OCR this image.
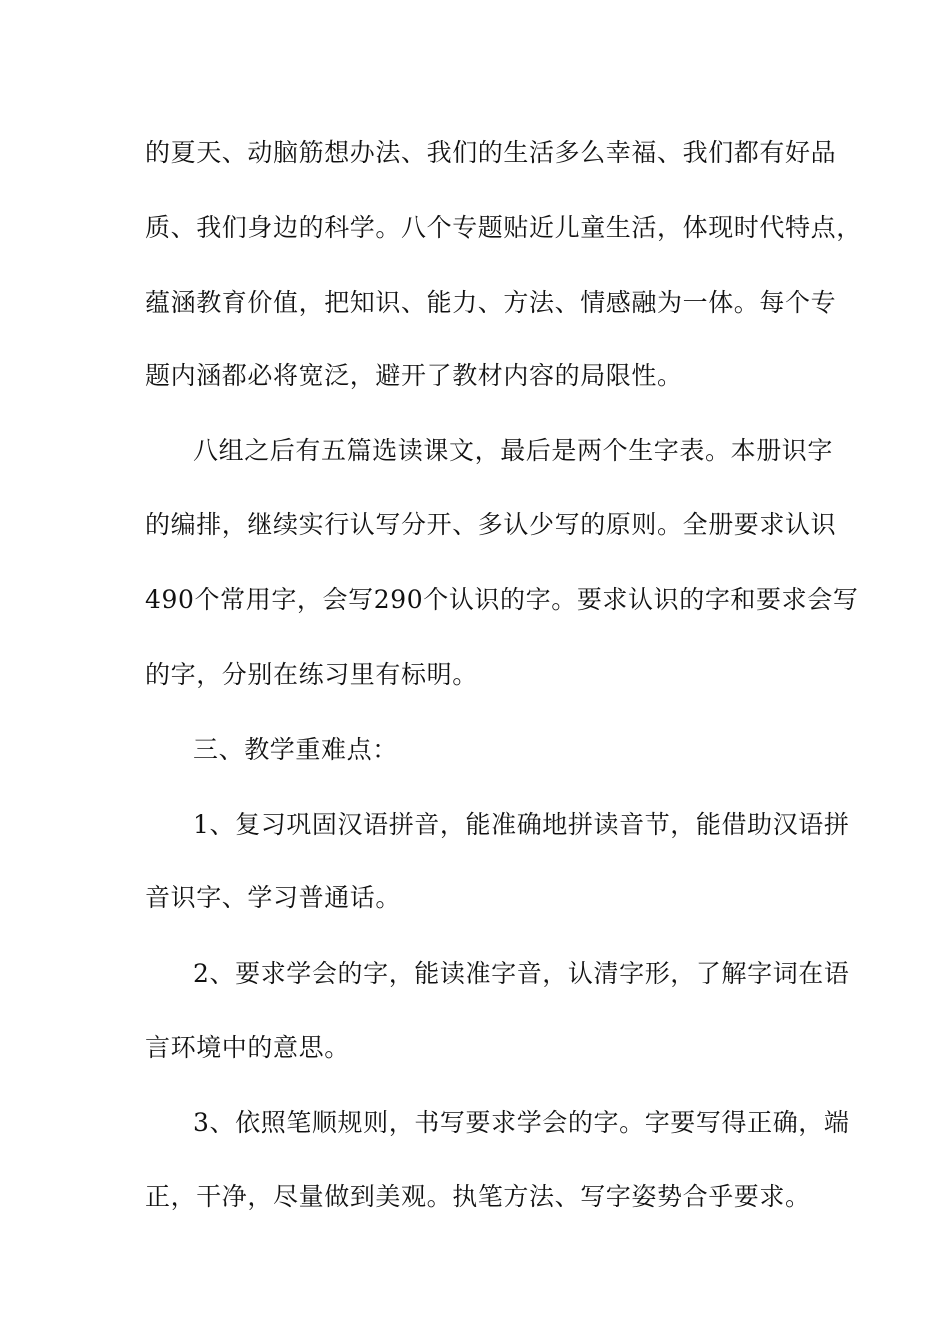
的夏天、动脑筋想办法、我们的生活多么幸福、我们都有好品
质、我们身边的科学。八个专题贴近儿童生活，体现时代特点，
蕴涵教育价值，把知识、能力、方法、情感融为一体。每个专
题内涵都必将宽泛，避开了教材内容的局限性。
八组之后有五篇选读课文，最后是两个生字表。本册识字
的编排，继续实行认写分开、多认少写的原则。全册要求认识
490个常用字，会写290个认识的字。要求认识的字和要求会写
的字，分别在练习里有标明。
三、教学重难点：
1、复习巩固汉语拼音，能准确地拼读音节，能借助汉语拼
音识字、学习普通话。
2、要求学会的字，能读准字音，认清字形，了解字词在语
言环境中的意思。
3、依照笔顺规则，书写要求学会的字。字要写得正确，端
正，干净，尽量做到美观。执笔方法、写字姿势合乎要求。
